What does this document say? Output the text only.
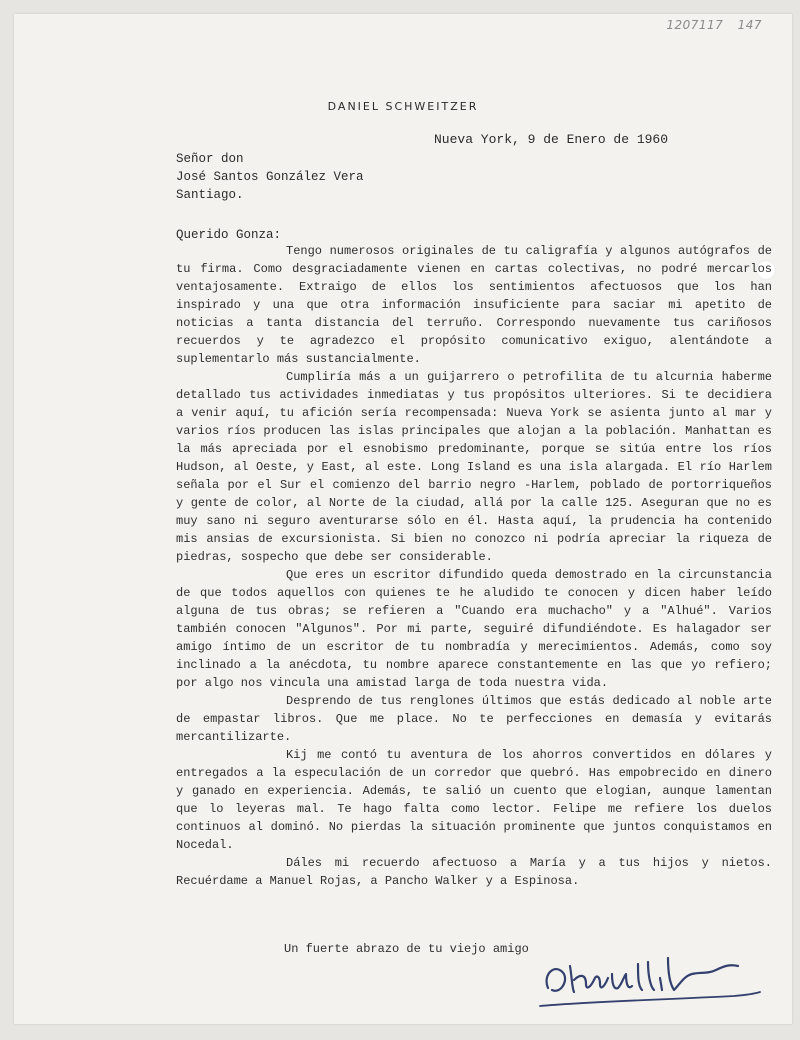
1207117 147
DANIEL SCHWEITZER
Nueva York, 9 de Enero de 1960
Señor don
José Santos González Vera
Santiago.
Querido Gonza:

Tengo numerosos originales de tu caligrafía y algunos autógrafos de tu firma. Como desgraciadamente vienen en cartas colectivas, no podré mercarlos ventajosamente. Extraigo de ellos los sentimientos afectuosos que los han inspirado y una que otra información insuficiente para saciar mi apetito de noticias a tanta distancia del terruño. Correspondo nuevamente tus cariñosos recuerdos y te agradezco el propósito comunicativo exiguo, alentándote a suplementarlo más sustancialmente.

Cumpliría más a un guijarrero o petrofilita de tu alcurnia haberme detallado tus actividades inmediatas y tus propósitos ulteriores. Si te decidiera a venir aquí, tu afición sería recompensada: Nueva York se asienta junto al mar y varios ríos producen las islas principales que alojan a la población. Manhattan es la más apreciada por el esnobismo predominante, porque se sitúa entre los ríos Hudson, al Oeste, y East, al este. Long Island es una isla alargada. El río Harlem señala por el Sur el comienzo del barrio negro -Harlem, poblado de portorriqueños y gente de color, al Norte de la ciudad, allá por la calle 125. Aseguran que no es muy sano ni seguro aventurarse sólo en él. Hasta aquí, la prudencia ha contenido mis ansias de excursionista. Si bien no conozco ni podría apreciar la riqueza de piedras, sospecho que debe ser considerable.

Que eres un escritor difundido queda demostrado en la circunstancia de que todos aquellos con quienes te he aludido te conocen y dicen haber leído alguna de tus obras; se refieren a "Cuando era muchacho" y a "Alhué". Varios también conocen "Algunos". Por mi parte, seguiré difundiéndote. Es halagador ser amigo íntimo de un escritor de tu nombradía y merecimientos. Además, como soy inclinado a la anécdota, tu nombre aparece constantemente en las que yo refiero; por algo nos vincula una amistad larga de toda nuestra vida.

Desprendo de tus renglones últimos que estás dedicado al noble arte de empastar libros. Que me place. No te perfecciones en demasía y evitarás mercantilizarte.

Kij me contó tu aventura de los ahorros convertidos en dólares y entregados a la especulación de un corredor que quebró. Has empobrecido en dinero y ganado en experiencia. Además, te salió un cuento que elogian, aunque lamentan que lo leyeras mal. Te hago falta como lector. Felipe me refiere los duelos continuos al dominó. No pierdas la situación prominente que juntos conquistamos en Nocedal.

Dáles mi recuerdo afectuoso a María y a tus hijos y nietos. Recuérdame a Manuel Rojas, a Pancho Walker y a Espinosa.

Un fuerte abrazo de tu viejo amigo
